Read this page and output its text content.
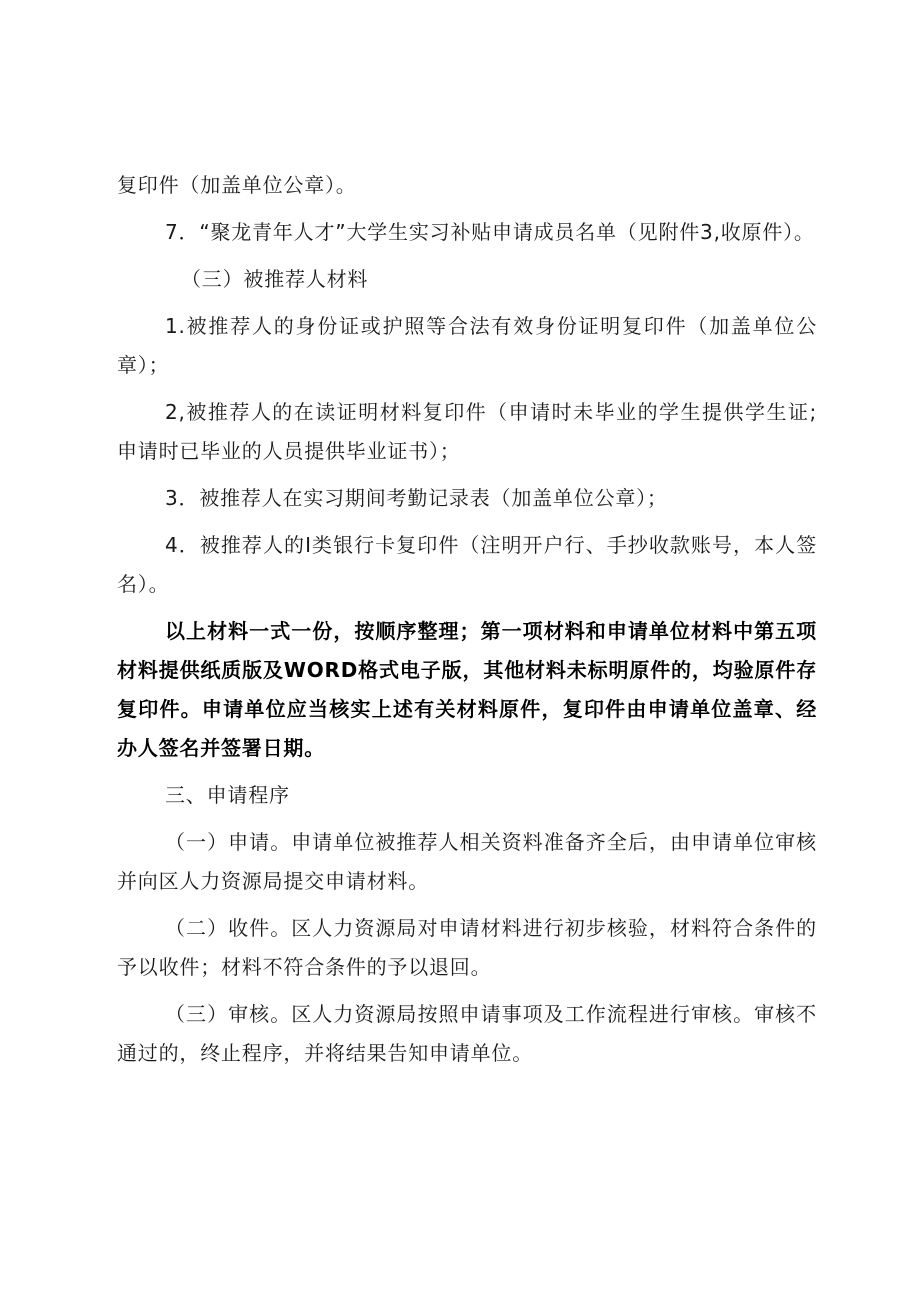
复印件（加盖单位公章）。

7．“聚龙青年人才”大学生实习补贴申请成员名单（见附件3,收原件）。

（三）被推荐人材料

1.被推荐人的身份证或护照等合法有效身份证明复印件（加盖单位公章）；

2,被推荐人的在读证明材料复印件（申请时未毕业的学生提供学生证;申请时已毕业的人员提供毕业证书）；

3．被推荐人在实习期间考勤记录表（加盖单位公章）；

4．被推荐人的I类银行卡复印件（注明开户行、手抄收款账号，本人签名）。

以上材料一式一份，按顺序整理；第一项材料和申请单位材料中第五项材料提供纸质版及WORD格式电子版，其他材料未标明原件的，均验原件存复印件。申请单位应当核实上述有关材料原件，复印件由申请单位盖章、经办人签名并签署日期。

三、申请程序

（一）申请。申请单位被推荐人相关资料准备齐全后，由申请单位审核并向区人力资源局提交申请材料。

（二）收件。区人力资源局对申请材料进行初步核验，材料符合条件的予以收件；材料不符合条件的予以退回。

（三）审核。区人力资源局按照申请事项及工作流程进行审核。审核不通过的，终止程序，并将结果告知申请单位。
